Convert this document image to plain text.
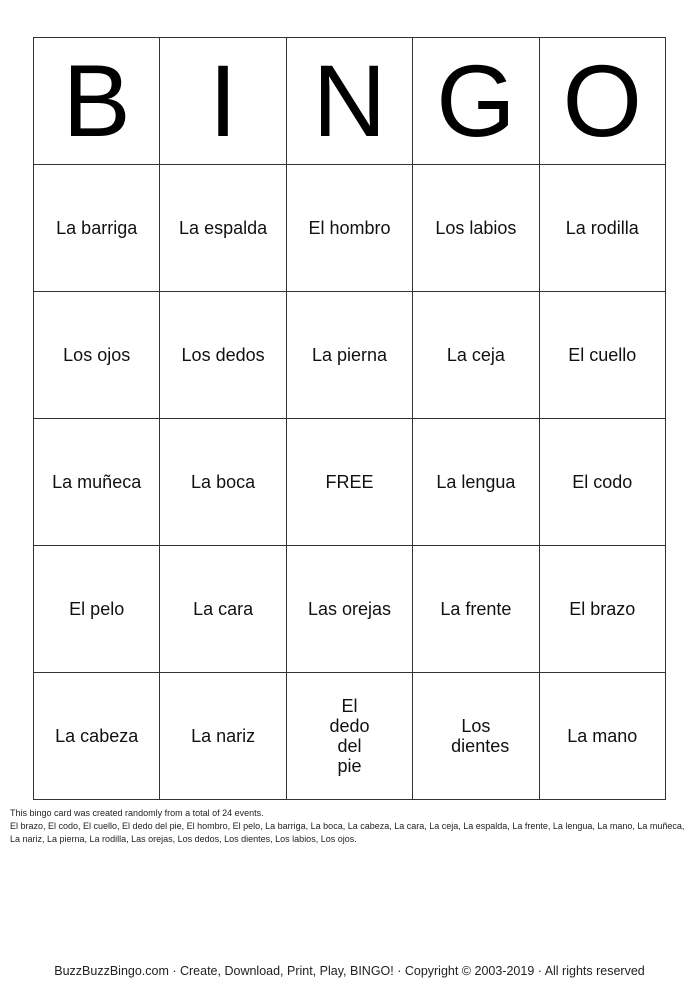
B	I	N	G	O
La barriga	La espalda	El hombro	Los labios	La rodilla
Los ojos	Los dedos	La pierna	La ceja	El cuello
La muñeca	La boca	FREE	La lengua	El codo
El pelo	La cara	Las orejas	La frente	El brazo
La cabeza	La nariz	El dedo del pie	Los dientes	La mano

This bingo card was created randomly from a total of 24 events.

El brazo, El codo, El cuello, El dedo del pie, El hombro, El pelo, La barriga, La boca, La cabeza, La cara, La ceja, La espalda, La frente, La lengua, La mano, La muñeca, La nariz, La pierna, La rodilla, Las orejas, Los dedos, Los dientes, Los labios, Los ojos.

BuzzBuzzBingo.com · Create, Download, Print, Play, BINGO! · Copyright © 2003-2019 · All rights reserved
